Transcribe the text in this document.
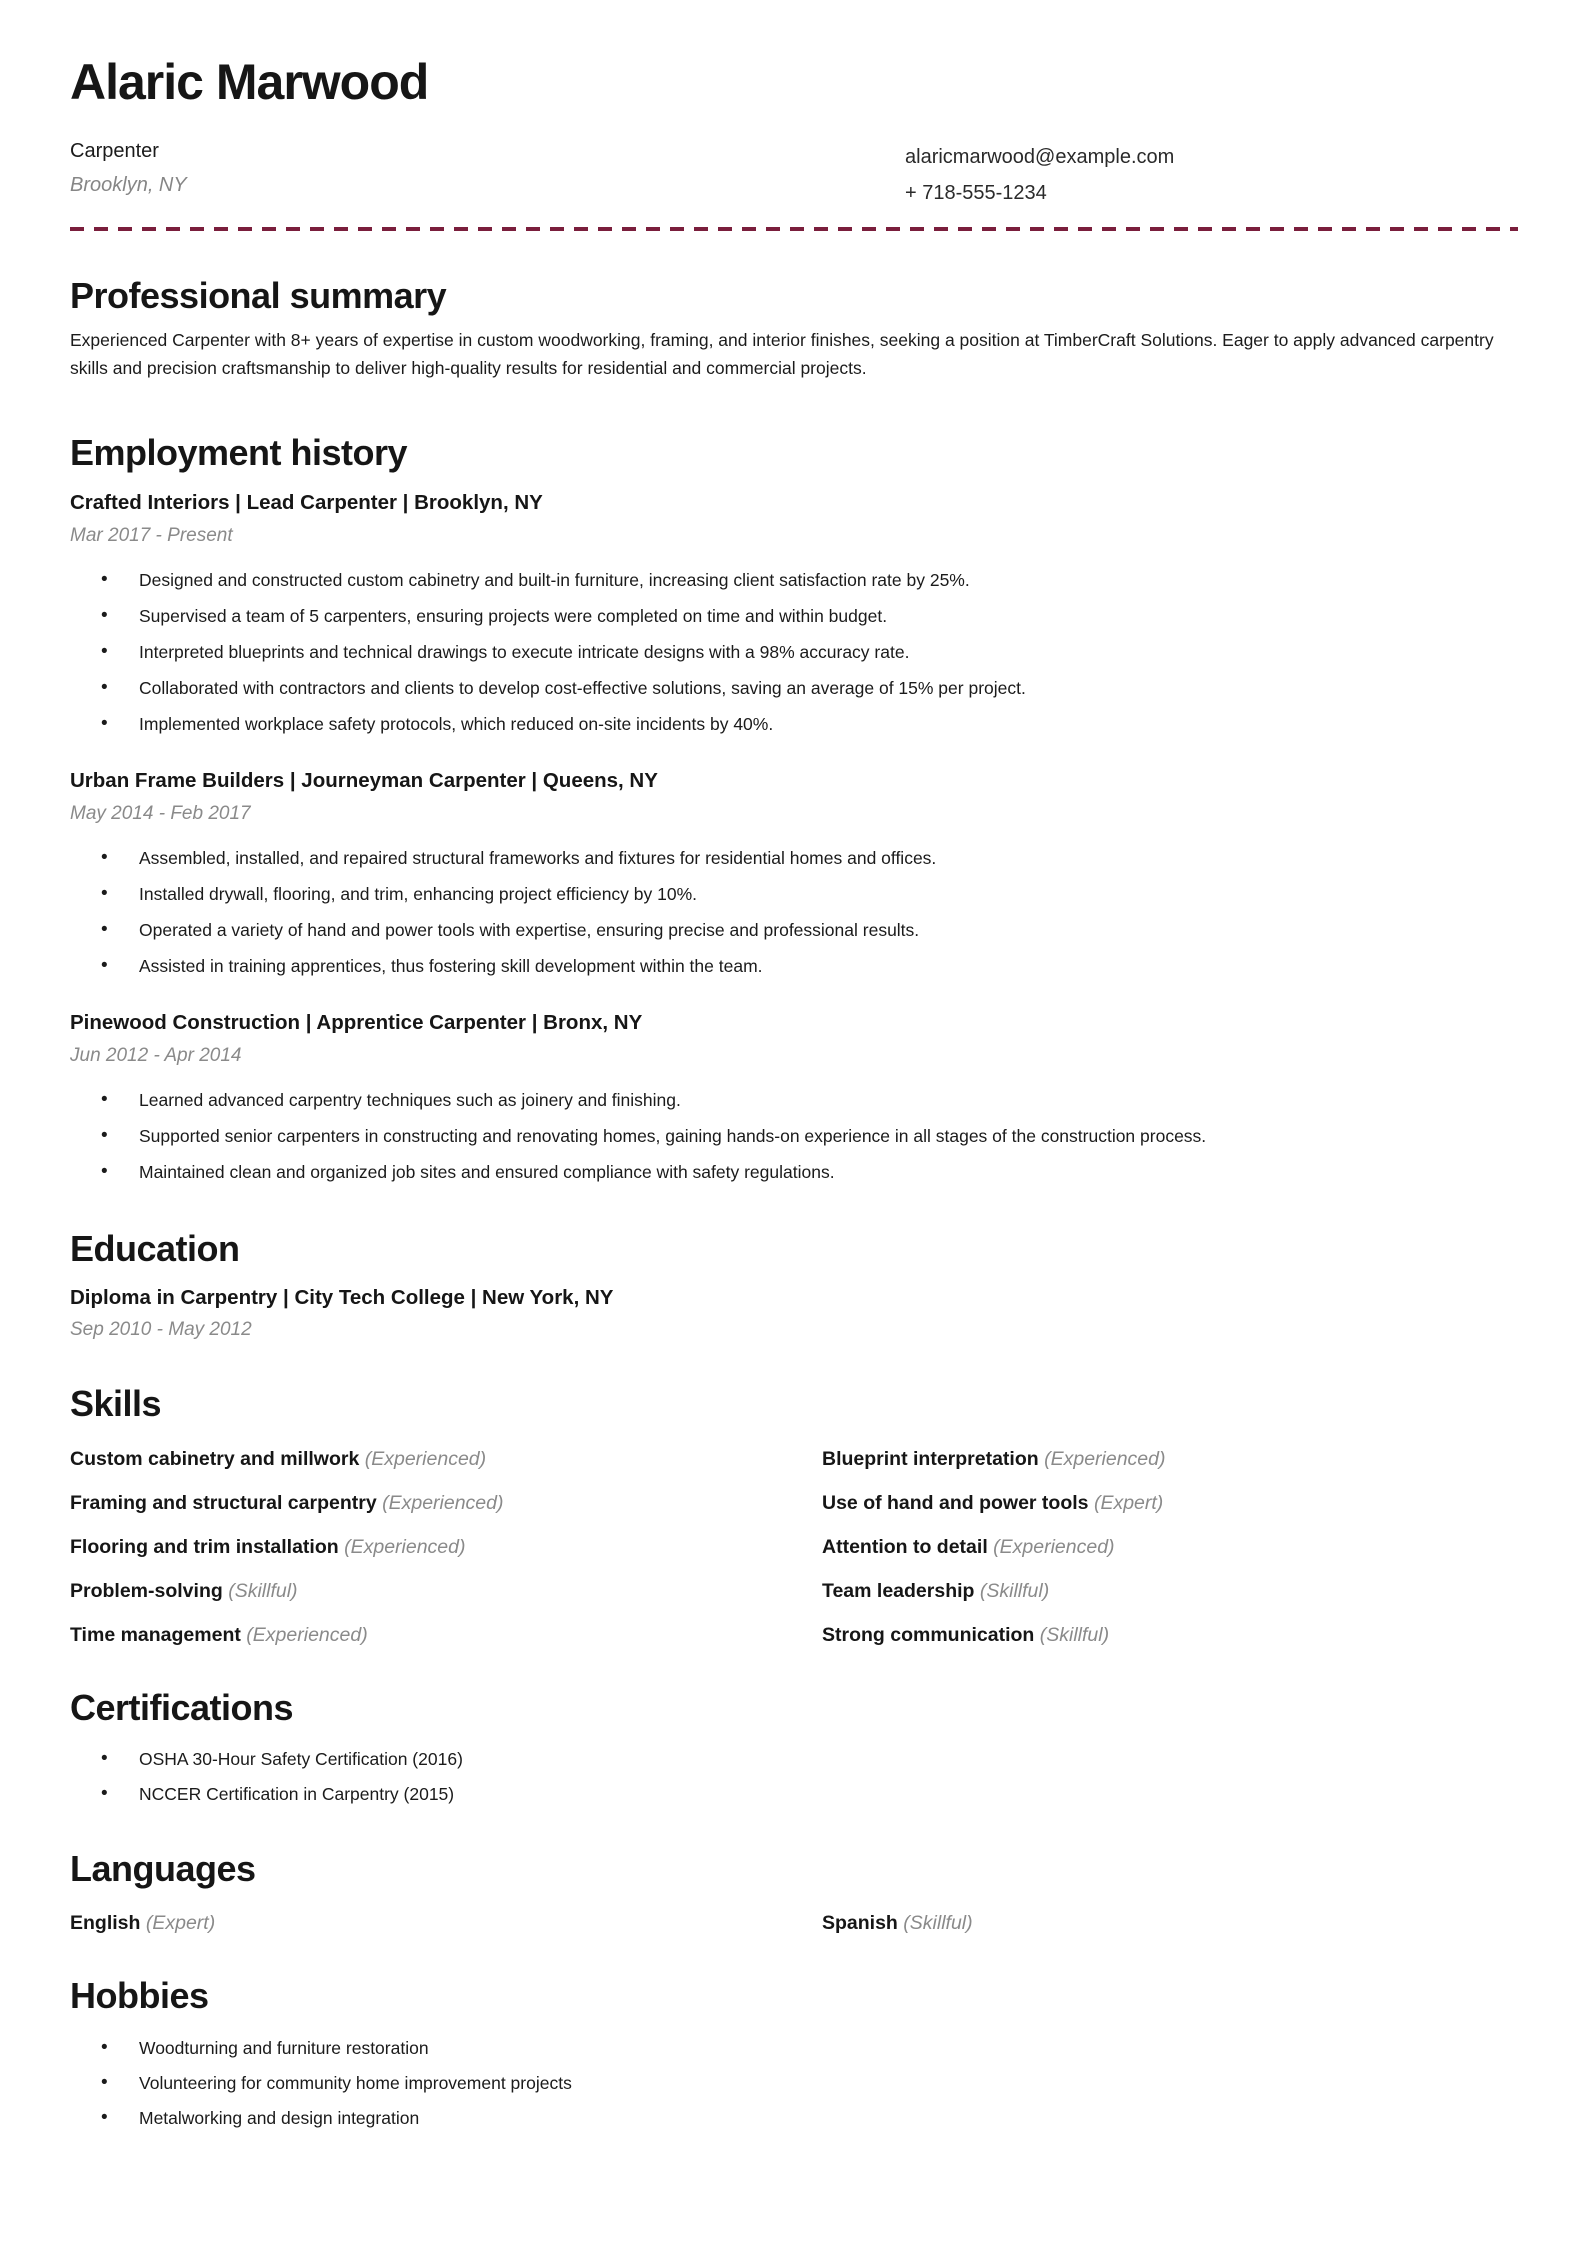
Alaric Marwood
Carpenter
Brooklyn, NY
alaricmarwood@example.com
+ 718-555-1234
Professional summary
Experienced Carpenter with 8+ years of expertise in custom woodworking, framing, and interior finishes, seeking a position at TimberCraft Solutions. Eager to apply advanced carpentry skills and precision craftsmanship to deliver high-quality results for residential and commercial projects.
Employment history
Crafted Interiors | Lead Carpenter | Brooklyn, NY
Mar 2017 - Present
• Designed and constructed custom cabinetry and built-in furniture, increasing client satisfaction rate by 25%.
• Supervised a team of 5 carpenters, ensuring projects were completed on time and within budget.
• Interpreted blueprints and technical drawings to execute intricate designs with a 98% accuracy rate.
• Collaborated with contractors and clients to develop cost-effective solutions, saving an average of 15% per project.
• Implemented workplace safety protocols, which reduced on-site incidents by 40%.
Urban Frame Builders | Journeyman Carpenter | Queens, NY
May 2014 - Feb 2017
• Assembled, installed, and repaired structural frameworks and fixtures for residential homes and offices.
• Installed drywall, flooring, and trim, enhancing project efficiency by 10%.
• Operated a variety of hand and power tools with expertise, ensuring precise and professional results.
• Assisted in training apprentices, thus fostering skill development within the team.
Pinewood Construction | Apprentice Carpenter | Bronx, NY
Jun 2012 - Apr 2014
• Learned advanced carpentry techniques such as joinery and finishing.
• Supported senior carpenters in constructing and renovating homes, gaining hands-on experience in all stages of the construction process.
• Maintained clean and organized job sites and ensured compliance with safety regulations.
Education
Diploma in Carpentry | City Tech College | New York, NY
Sep 2010 - May 2012
Skills
Custom cabinetry and millwork (Experienced)	Blueprint interpretation (Experienced)
Framing and structural carpentry (Experienced)	Use of hand and power tools (Expert)
Flooring and trim installation (Experienced)	Attention to detail (Experienced)
Problem-solving (Skillful)	Team leadership (Skillful)
Time management (Experienced)	Strong communication (Skillful)
Certifications
• OSHA 30-Hour Safety Certification (2016)
• NCCER Certification in Carpentry (2015)
Languages
English (Expert)	Spanish (Skillful)
Hobbies
• Woodturning and furniture restoration
• Volunteering for community home improvement projects
• Metalworking and design integration
